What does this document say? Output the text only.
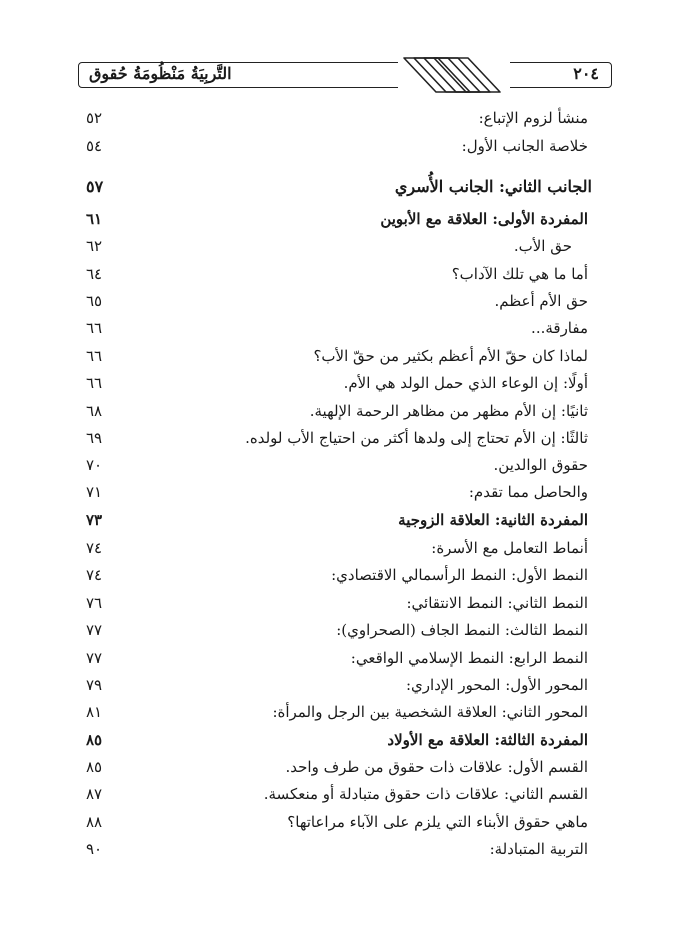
التَّربِيَةُ مَنْظُومَةُ حُقوق	٢٠٤
منشأ لزوم الإتباع:
٥٢
خلاصة الجانب الأول:
٥٤
الجانب الثاني: الجانب الأُسري
٥٧
المفردة الأولى: العلاقة مع الأبوين
٦١
حق الأب.
٦٢
أما ما هي تلك الآداب؟
٦٤
حق الأم أعظم.
٦٥
مفارقة...
٦٦
لماذا كان حقّ الأم أعظم بكثير من حقّ الأب؟
٦٦
أولًا: إن الوعاء الذي حمل الولد هي الأم.
٦٦
ثانيًا: إن الأم مظهر من مظاهر الرحمة الإلهية.
٦٨
ثالثًا: إن الأم تحتاج إلى ولدها أكثر من احتياج الأب لولده.
٦٩
حقوق الوالدين.
٧٠
والحاصل مما تقدم:
٧١
المفردة الثانية: العلاقة الزوجية
٧٣
أنماط التعامل مع الأسرة:
٧٤
النمط الأول: النمط الرأسمالي الاقتصادي:
٧٤
النمط الثاني: النمط الانتقائي:
٧٦
النمط الثالث: النمط الجاف (الصحراوي):
٧٧
النمط الرابع: النمط الإسلامي الواقعي:
٧٧
المحور الأول: المحور الإداري:
٧٩
المحور الثاني: العلاقة الشخصية بين الرجل والمرأة:
٨١
المفردة الثالثة: العلاقة مع الأولاد
٨٥
القسم الأول: علاقات ذات حقوق من طرف واحد.
٨٥
القسم الثاني: علاقات ذات حقوق متبادلة أو منعكسة.
٨٧
ماهي حقوق الأبناء التي يلزم على الآباء مراعاتها؟
٨٨
التربية المتبادلة:
٩٠
